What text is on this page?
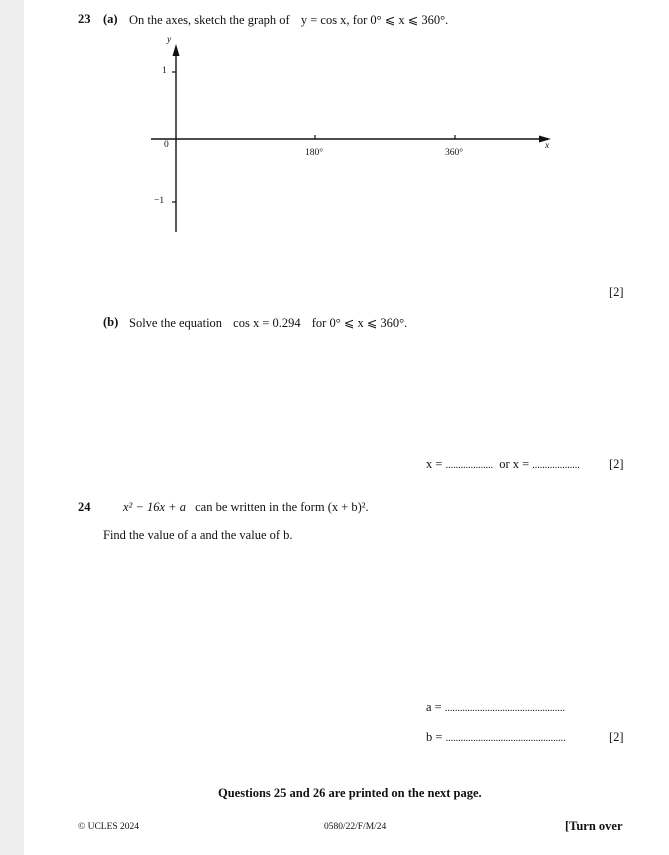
23 (a) On the axes, sketch the graph of y = cos x, for 0° ⩽ x ⩽ 360°.
y
1
0
−1
180°	360°
x
[2]
(b) Solve the equation cos x = 0.294 for 0° ⩽ x ⩽ 360°.
x = ................... or x = ................... [2]
24	x² − 16x + a can be written in the form (x + b)².
Find the value of a and the value of b.
a = ................................................
b = ................................................	[2]
Questions 25 and 26 are printed on the next page.
© UCLES 2024	0580/22/F/M/24	[Turn over
